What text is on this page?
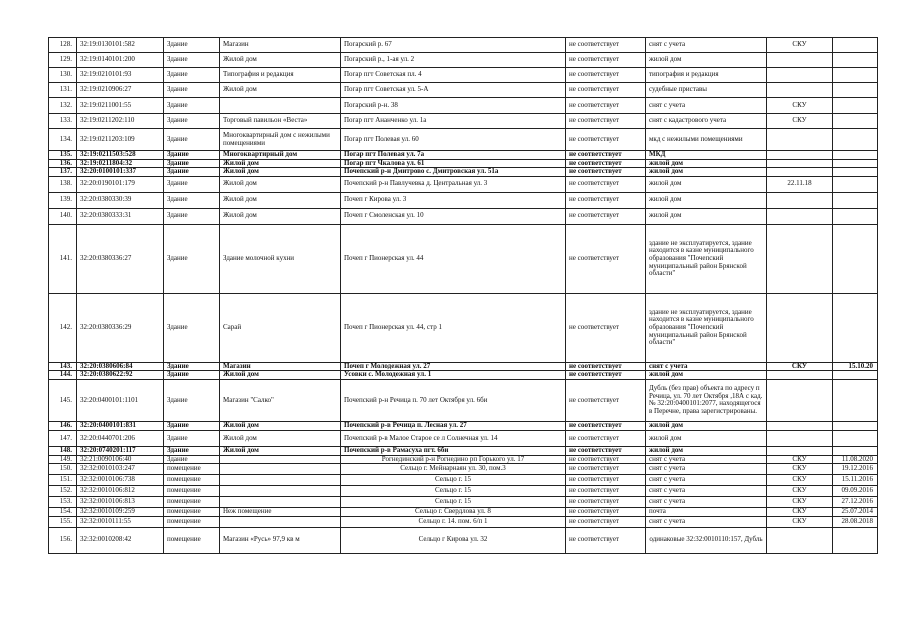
128.	32:19:0130101:582	Здание	Магазин	Погарский р. 67	не соответствует	снят с учета	СКУ	
129.	32:19:0140101:200	Здание	Жилой дом	Погарский р., 1-ая ул. 2	не соответствует	жилой дом		
130.	32:19:0210101:93	Здание	Типография и редакция	Погар пгт Советская пл. 4	не соответствует	типография и редакция		
131.	32:19:0210906:27	Здание	Жилой дом	Погар пгт Советская ул. 5-А	не соответствует	судебные приставы		
132.	32:19:0211001:55	Здание		Погарский р-н. 38	не соответствует	снят с учета	СКУ	
133.	32:19:0211202:110	Здание	Торговый павильон «Веста»	Погар пгт Ананченко ул. 1а	не соответствует	снят с кадастрового учета	СКУ	
134.	32:19:0211203:109	Здание	Многоквартирный дом с нежилыми помещениями	Погар пгт Полевая ул. 60	не соответствует	мкд с нежилыми помещениями		
135.	32:19:0211503:528	Здание	Многоквартирный дом	Погар пгт Полевая ул. 7а	не соответствует	МКД		
136.	32:19:0211804:32	Здание	Жилой дом	Погар пгт Чкалова ул. 61	не соответствует	жилой дом		
137.	32:20:0100101:337	Здание	Жилой дом	Почепский р-н Дмитрово с. Дмитровская ул. 51а	не соответствует	жилой дом		
138.	32:20:0190101:179	Здание	Жилой дом	Почепский р-н Павлучевка д. Центральная ул. 3	не соответствует	жилой дом	22.11.18	
139.	32:20:0380330:39	Здание	Жилой дом	Почеп г Кирова ул. 3	не соответствует	жилой дом		
140.	32:20:0380333:31	Здание	Жилой дом	Почеп г Смоленская ул. 10	не соответствует	жилой дом		
141.	32:20:0380336:27	Здание	Здание молочной кухни	Почеп г Пионерская ул. 44	не соответствует	здание не эксплуатируется, здание находится в казне муниципального образования "Почепский муниципальный район Брянской области"		
142.	32:20:0380336:29	Здание	Сарай	Почеп г Пионерская ул. 44, стр 1	не соответствует	здание не эксплуатируется, здание находится в казне муниципального образования "Почепский муниципальный район Брянской области"		
143.	32:20:0380606:84	Здание	Магазин	Почеп г Молодежная ул. 27	не соответствует	снят с учета	СКУ	15.10.20
144.	32:20:0380622:92	Здание	Жилой дом	Усовки с. Молодежная ул. 1	не соответствует	жилой дом		
145.	32:20:0400101:1101	Здание	Магазин "Салко"	Почепский р-н Речица п. 70 лет Октября ул. 6би	не соответствует	Дубль (без прав) объекта по адресу п Речица, ул. 70 лет Октября ,18А с кад.№ 32:20:0400101:2077, находящегося в Перечне, права зарегистрированы.		
146.	32:20:0400101:831	Здание	Жилой дом	Почепский р-в Речица п. Лесная ул. 27	не соответствует	жилой дом		
147.	32:20:0440701:206	Здание	Жилой дом	Почепский р-в Малое Старое се л Солнечная ул. 14	не соответствует	жилой дом		
148.	32:20:0740201:117	Здание	Жилой дом	Почепский р-в Рамасуха пгт. 6би	не соответствует	жилой дом		
149.	32:21:0090106:40	Здание		Рогнединский р-н Рогнедино рп Горького ул. 17	не соответствует	снят с учета	СКУ	11.08.2020
150.	32:32:0010103:247	помещение		Сельцо г. Мейнарнаян ул. 30, пом.3	не соответствует	снят с учета	СКУ	19.12.2016
151.	32:32:0010106:738	помещение		Сельцо г. 15	не соответствует	снят с учета	СКУ	15.11.2016
152.	32:32:0010106:812	помещение		Сельцо г. 15	не соответствует	снят с учета	СКУ	09.09.2016
153.	32:32:0010106:813	помещение		Сельцо г. 15	не соответствует	снят с учета	СКУ	27.12.2016
154.	32:32:0010109:259	помещение	Неж помещение	Сельцо г. Свердлова ул. 8	не соответствует	почта	СКУ	25.07.2014
155.	32:32:0010111:55	помещение		Сельцо г. 14. пом. 6/п 1	не соответствует	снят с учета	СКУ	28.08.2018
156.	32:32:0010208:42	помещение	Магазин «Русь» 97,9 кв м	Сельцо г Кирова ул. 32	не соответствует	одинаковые 32:32:0010110:157, Дубль		
